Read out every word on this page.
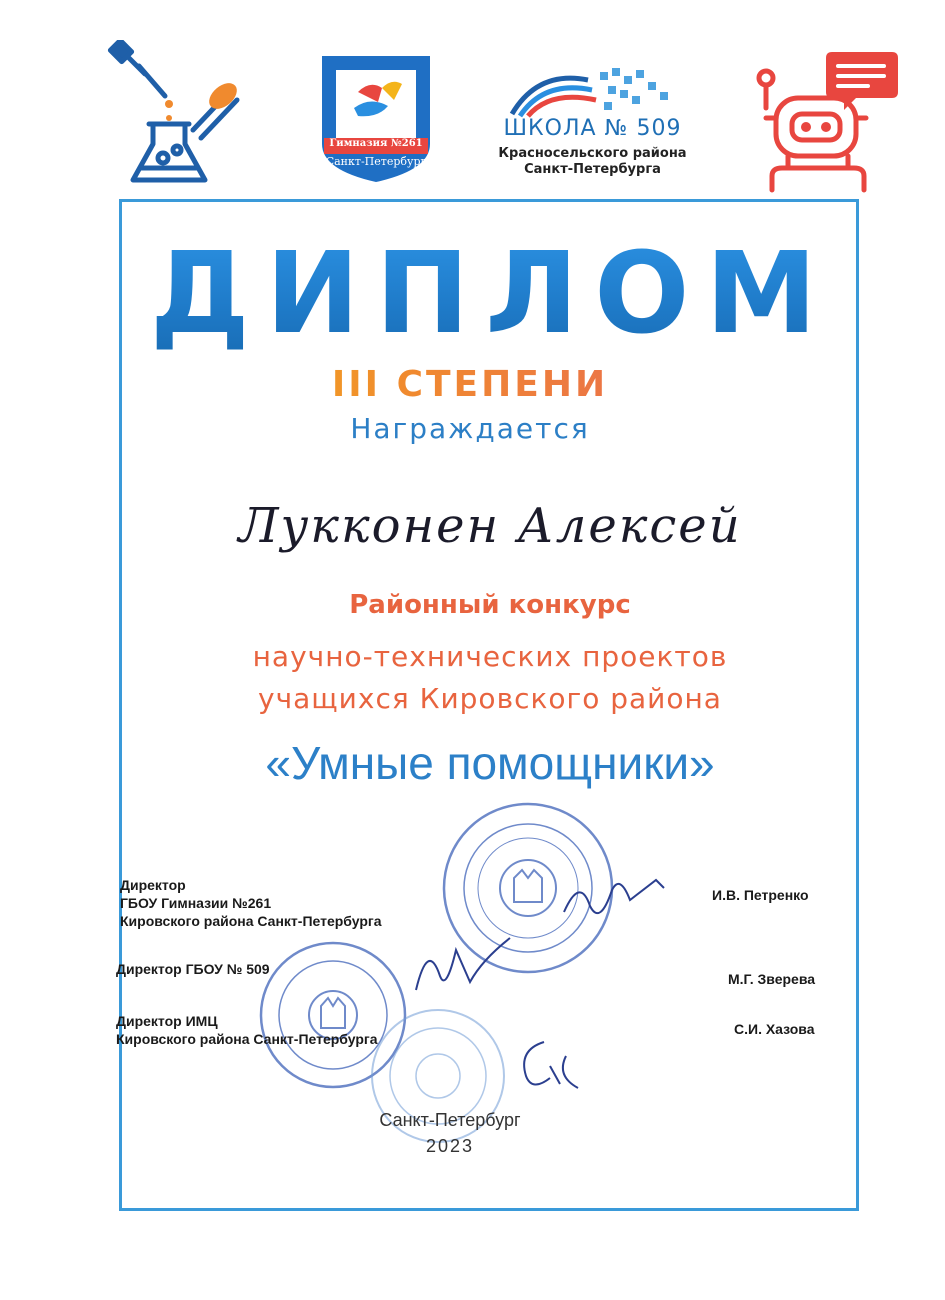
Гимназия №261
Санкт-Петербург
ШКОЛА № 509
Красносельского района
Санкт-Петербурга
ДИПЛОМ
III СТЕПЕНИ
Награждается
Лукконен Алексей
Районный конкурс
научно-технических проектов
учащихся Кировского района
«Умные помощники»
Директор
ГБОУ Гимназии №261
Кировского района Санкт-Петербурга
И.В. Петренко
Директор ГБОУ № 509
М.Г. Зверева
Директор ИМЦ
Кировского района Санкт-Петербурга
С.И. Хазова
Санкт-Петербург
2023
